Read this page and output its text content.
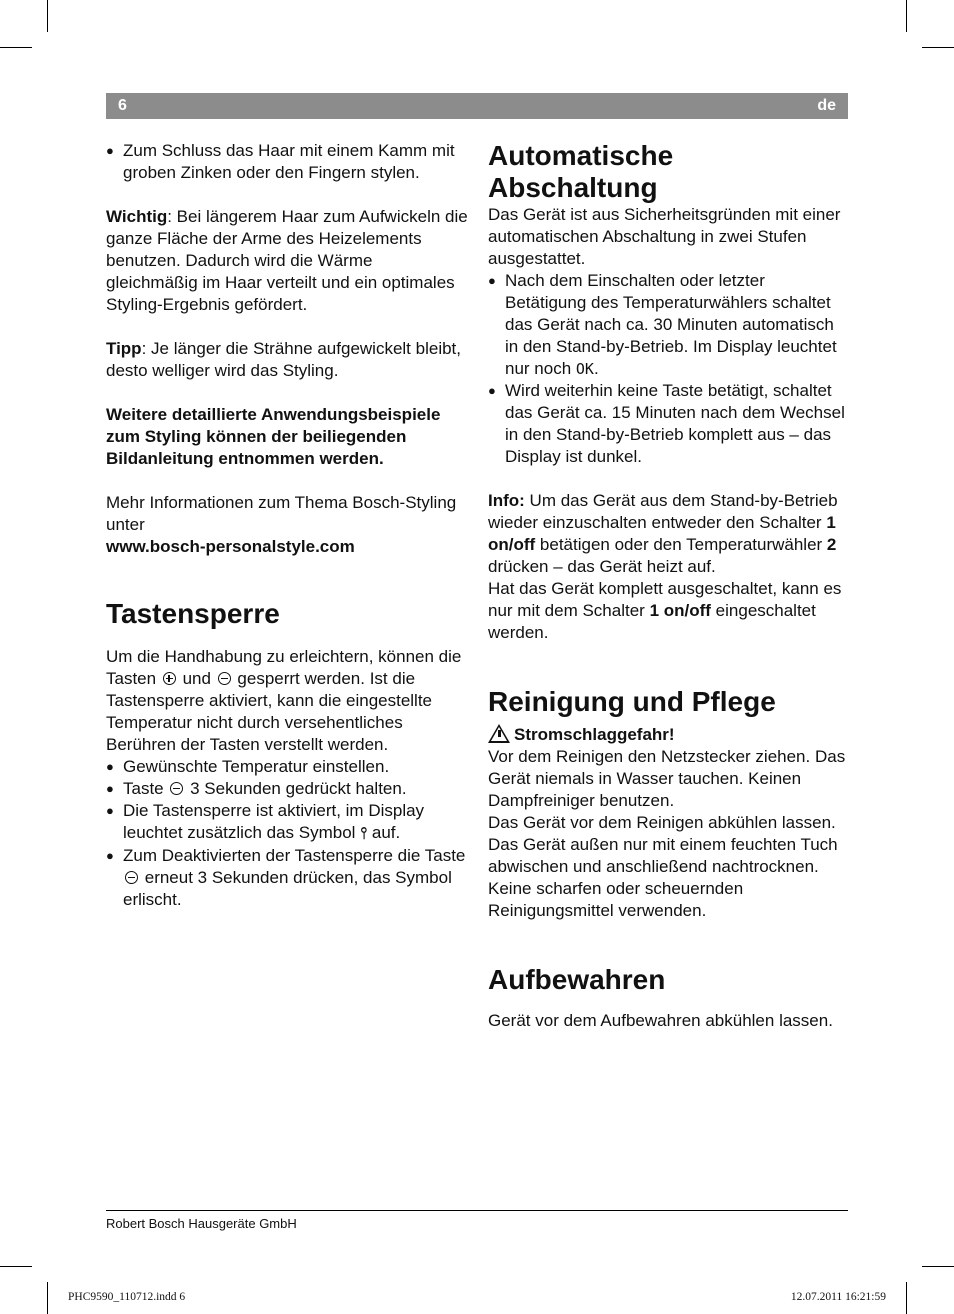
6	de

● Zum Schluss das Haar mit einem Kamm mit groben Zinken oder den Fingern stylen.

Wichtig: Bei längerem Haar zum Aufwickeln die ganze Fläche der Arme des Heizelements benutzen. Dadurch wird die Wärme gleichmäßig im Haar verteilt und ein optimales Styling-Ergebnis gefördert.

Tipp: Je länger die Strähne aufgewickelt bleibt, desto welliger wird das Styling.

Weitere detaillierte Anwendungsbeispiele zum Styling können der beiliegenden Bildanleitung entnommen werden.

Mehr Informationen zum Thema Bosch-Styling unter

www.bosch-personalstyle.com

Tastensperre

Um die Handhabung zu erleichtern, können die Tasten und gesperrt werden. Ist die Tastensperre aktiviert, kann die eingestellte Temperatur nicht durch versehentliches Berühren der Tasten verstellt werden.

● Gewünschte Temperatur einstellen.

● Taste 3 Sekunden gedrückt halten.

● Die Tastensperre ist aktiviert, im Display leuchtet zusätzlich das Symbol ⫯ auf.

● Zum Deaktivierten der Tastensperre die Taste  erneut 3 Sekunden drücken, das Symbol erlischt.

Automatische
Abschaltung

Das Gerät ist aus Sicherheitsgründen mit einer automatischen Abschaltung in zwei Stufen ausgestattet.

● Nach dem Einschalten oder letzter Betätigung des Temperaturwählers schaltet das Gerät nach ca. 30 Minuten automatisch in den Stand-by-Betrieb. Im Display leuchtet nur noch OK.

● Wird weiterhin keine Taste betätigt, schaltet das Gerät ca. 15 Minuten nach dem Wechsel in den Stand-by-Betrieb komplett aus – das Display ist dunkel.

Info: Um das Gerät aus dem Stand-by-Betrieb wieder einzuschalten entweder den Schalter 1 on/off betätigen oder den Temperaturwähler 2 drücken – das Gerät heizt auf.

Hat das Gerät komplett ausgeschaltet, kann es nur mit dem Schalter 1 on/off eingeschaltet werden.

Reinigung und Pflege

Stromschlaggefahr!

Vor dem Reinigen den Netzstecker ziehen. Das Gerät niemals in Wasser tauchen. Keinen Dampfreiniger benutzen.

Das Gerät vor dem Reinigen abkühlen lassen.

Das Gerät außen nur mit einem feuchten Tuch abwischen und anschließend nachtrocknen. Keine scharfen oder scheuernden Reinigungsmittel verwenden.

Aufbewahren

Gerät vor dem Aufbewahren abkühlen lassen.

Robert Bosch Hausgeräte GmbH
PHC9590_110712.indd 6	12.07.2011 16:21:59
